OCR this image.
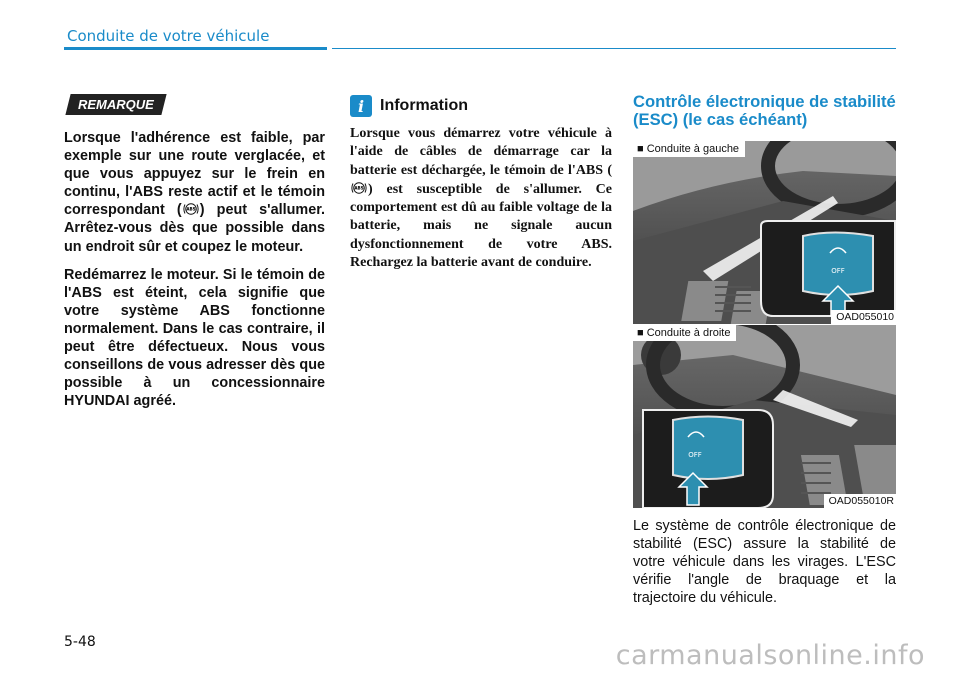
Conduite de votre véhicule
REMARQUE

Lorsque l'adhérence est faible, par exemple sur une route verglacée, et que vous appuyez sur le frein en continu, l'ABS reste actif et le témoin correspondant ( ABS ) peut s'allumer. Arrêtez-vous dès que possible dans un endroit sûr et coupez le moteur.

Redémarrez le moteur. Si le témoin de l'ABS est éteint, cela signifie que votre système ABS fonctionne normalement. Dans le cas contraire, il peut être défectueux. Nous vous conseillons de vous adresser dès que possible à un concessionnaire HYUNDAI agréé.

i Information

Lorsque vous démarrez votre véhicule à l'aide de câbles de démarrage car la batterie est déchargée, le témoin de l'ABS (
ABS ) est susceptible de s'allumer. Ce comportement est dû au faible voltage de la batterie, mais ne signale aucun dysfonctionnement de votre ABS. Rechargez la batterie avant de conduire.

Contrôle électronique de stabilité (ESC) (le cas échéant)
■ Conduite à gauche
OFF
OAD055010
■ Conduite à droite
OFF
OAD055010R

Le système de contrôle électronique de stabilité (ESC) assure la stabilité de votre véhicule dans les virages. L'ESC vérifie l'angle de braquage et la trajectoire du véhicule.

5-48	carmanualsonline.info
